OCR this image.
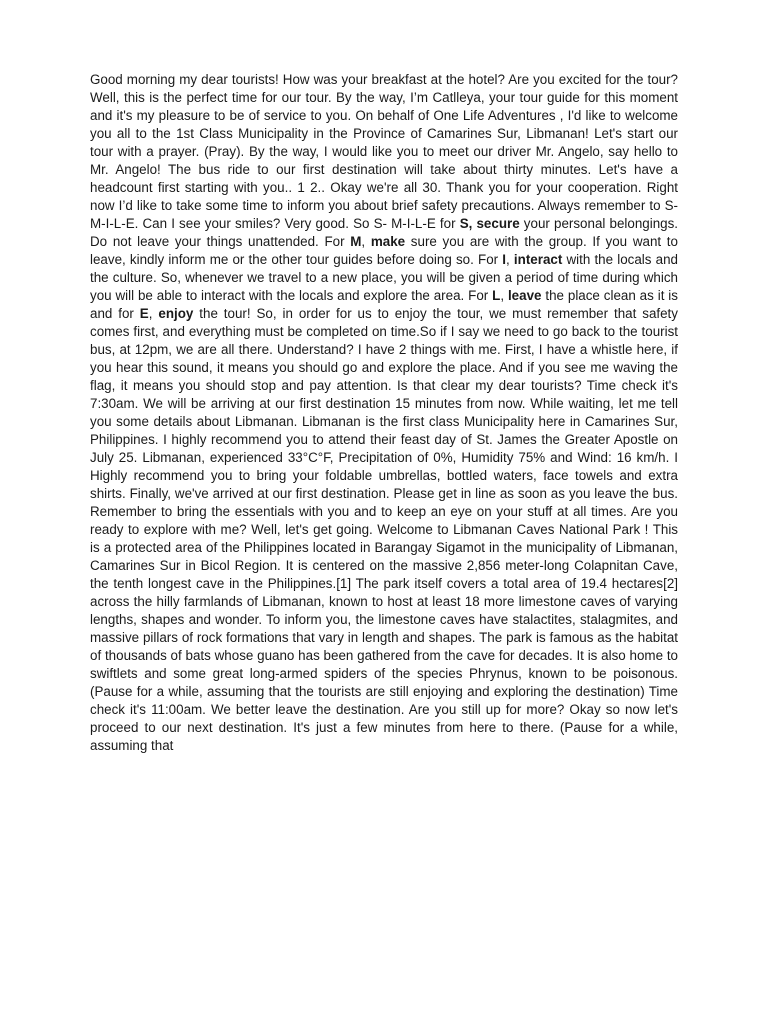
Good morning my dear tourists! How was your breakfast at the hotel? Are you excited for the tour? Well, this is the perfect time for our tour. By the way, I’m Catlleya, your tour guide for this moment and it's my pleasure to be of service to you. On behalf of One Life Adventures , I'd like to welcome you all to the 1st Class Municipality in the Province of Camarines Sur, Libmanan! Let's start our tour with a prayer. (Pray). By the way, I would like you to meet our driver Mr. Angelo, say hello to Mr. Angelo! The bus ride to our first destination will take about thirty minutes. Let's have a headcount first starting with you.. 1 2.. Okay we're all 30. Thank you for your cooperation. Right now I’d like to take some time to inform you about brief safety precautions. Always remember to S-M-I-L-E. Can I see your smiles? Very good. So S- M-I-L-E for S, secure your personal belongings. Do not leave your things unattended. For M, make sure you are with the group. If you want to leave, kindly inform me or the other tour guides before doing so. For I, interact with the locals and the culture. So, whenever we travel to a new place, you will be given a period of time during which you will be able to interact with the locals and explore the area. For L, leave the place clean as it is and for E, enjoy the tour! So, in order for us to enjoy the tour, we must remember that safety comes first, and everything must be completed on time.So if I say we need to go back to the tourist bus, at 12pm, we are all there. Understand? I have 2 things with me. First, I have a whistle here, if you hear this sound, it means you should go and explore the place. And if you see me waving the flag, it means you should stop and pay attention. Is that clear my dear tourists? Time check it's 7:30am. We will be arriving at our first destination 15 minutes from now. While waiting, let me tell you some details about Libmanan. Libmanan is the first class Municipality here in Camarines Sur, Philippines. I highly recommend you to attend their feast day of St. James the Greater Apostle on July 25. Libmanan, experienced 33°C°F, Precipitation of 0%, Humidity 75% and Wind: 16 km/h. I Highly recommend you to bring your foldable umbrellas, bottled waters, face towels and extra shirts. Finally, we've arrived at our first destination. Please get in line as soon as you leave the bus. Remember to bring the essentials with you and to keep an eye on your stuff at all times. Are you ready to explore with me? Well, let's get going. Welcome to Libmanan Caves National Park ! This is a protected area of the Philippines located in Barangay Sigamot in the municipality of Libmanan, Camarines Sur in Bicol Region. It is centered on the massive 2,856 meter-long Colapnitan Cave, the tenth longest cave in the Philippines.[1] The park itself covers a total area of 19.4 hectares[2] across the hilly farmlands of Libmanan, known to host at least 18 more limestone caves of varying lengths, shapes and wonder. To inform you, the limestone caves have stalactites, stalagmites, and massive pillars of rock formations that vary in length and shapes. The park is famous as the habitat of thousands of bats whose guano has been gathered from the cave for decades. It is also home to swiftlets and some great long-armed spiders of the species Phrynus, known to be poisonous. (Pause for a while, assuming that the tourists are still enjoying and exploring the destination) Time check it's 11:00am. We better leave the destination. Are you still up for more? Okay so now let's proceed to our next destination. It's just a few minutes from here to there. (Pause for a while, assuming that
